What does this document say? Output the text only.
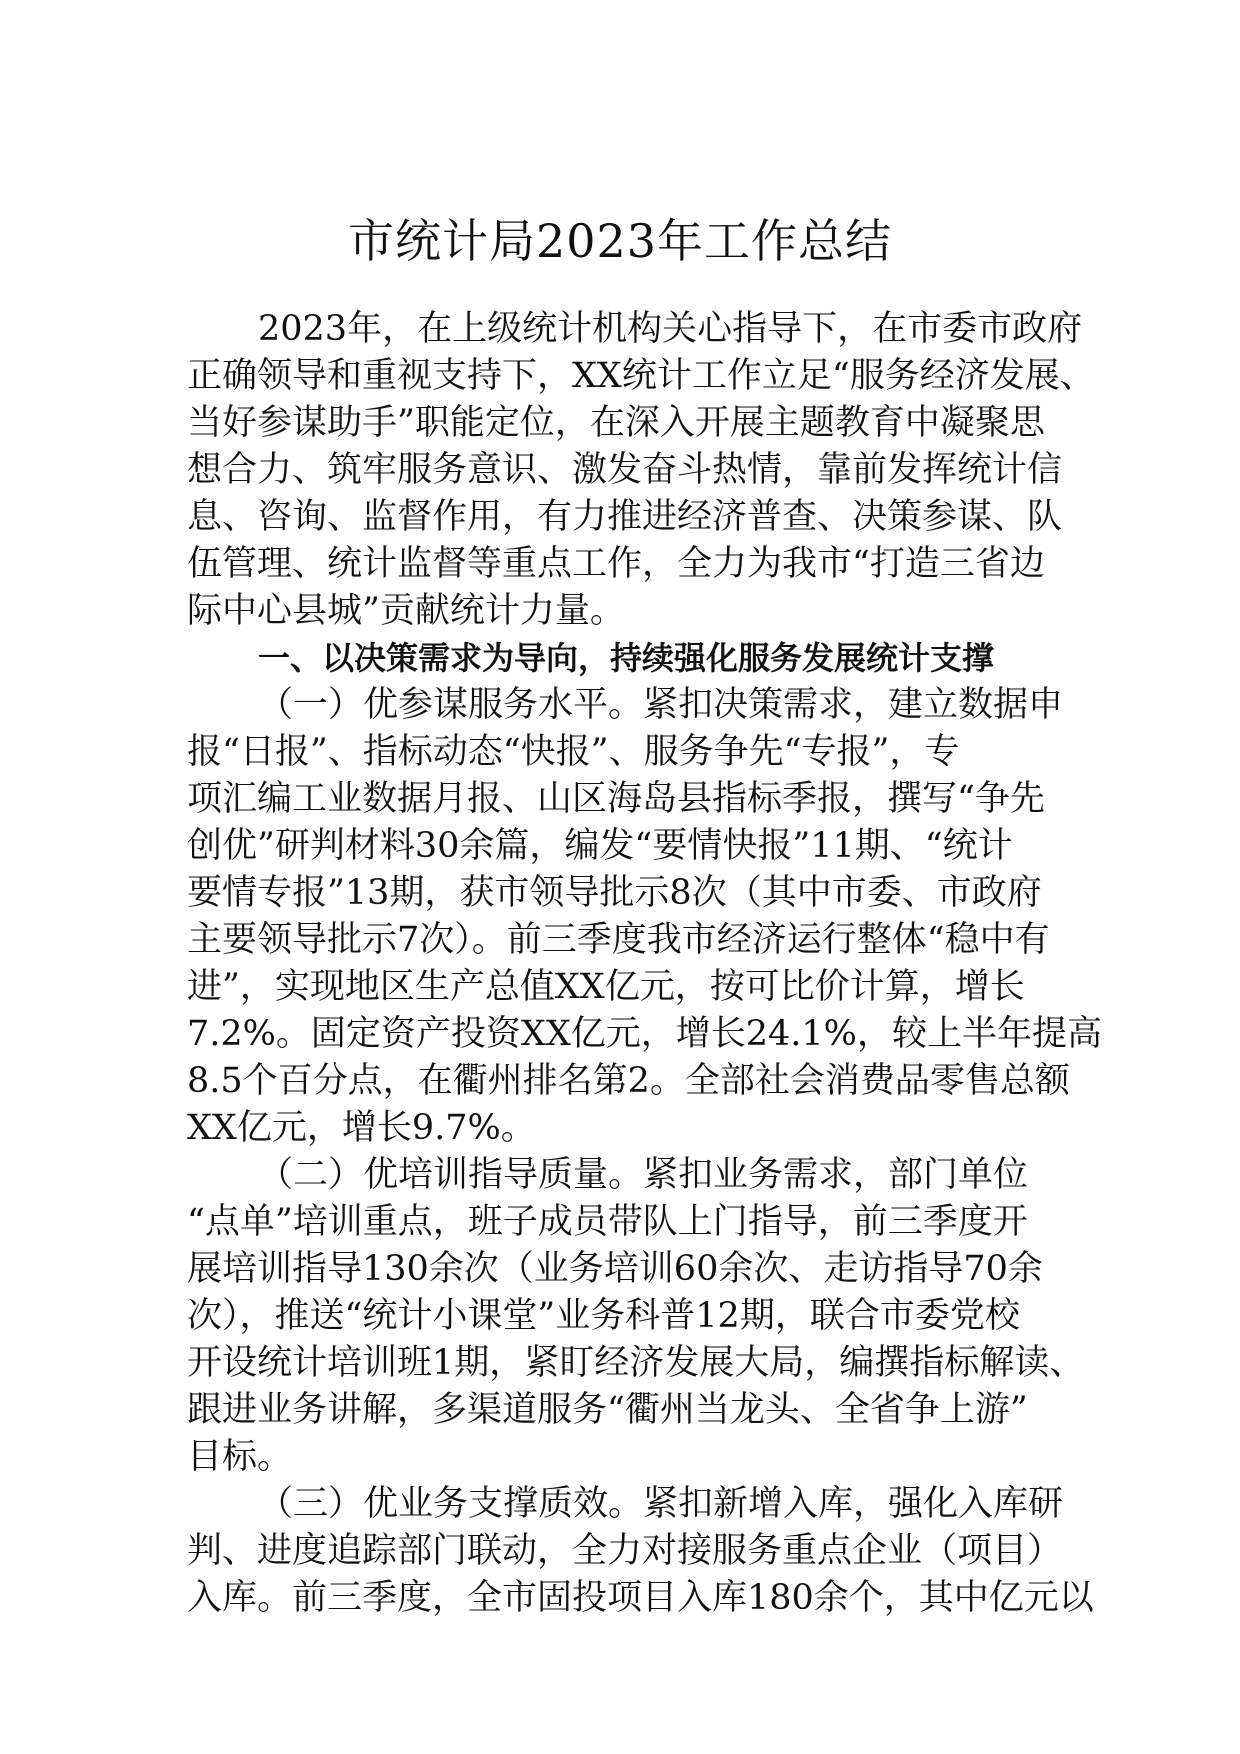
市统计局2023年工作总结
2023年，在上级统计机构关心指导下，在市委市政府
正确领导和重视支持下，XX统计工作立足“服务经济发展、
当好参谋助手”职能定位，在深入开展主题教育中凝聚思
想合力、筑牢服务意识、激发奋斗热情，靠前发挥统计信
息、咨询、监督作用，有力推进经济普查、决策参谋、队
伍管理、统计监督等重点工作，全力为我市“打造三省边
际中心县城”贡献统计力量。
一、以决策需求为导向，持续强化服务发展统计支撑
（一）优参谋服务水平。紧扣决策需求，建立数据申
报“日报”、指标动态“快报”、服务争先“专报”，专
项汇编工业数据月报、山区海岛县指标季报，撰写“争先
创优”研判材料30余篇，编发“要情快报”11期、“统计
要情专报”13期，获市领导批示8次（其中市委、市政府
主要领导批示7次）。前三季度我市经济运行整体“稳中有
进”，实现地区生产总值XX亿元，按可比价计算，增长
7.2%。固定资产投资XX亿元，增长24.1%，较上半年提高
8.5个百分点，在衢州排名第2。全部社会消费品零售总额
XX亿元，增长9.7%。
（二）优培训指导质量。紧扣业务需求，部门单位
“点单”培训重点，班子成员带队上门指导，前三季度开
展培训指导130余次（业务培训60余次、走访指导70余
次），推送“统计小课堂”业务科普12期，联合市委党校
开设统计培训班1期，紧盯经济发展大局，编撰指标解读、
跟进业务讲解，多渠道服务“衢州当龙头、全省争上游”
目标。
（三）优业务支撑质效。紧扣新增入库，强化入库研
判、进度追踪部门联动，全力对接服务重点企业（项目）
入库。前三季度，全市固投项目入库180余个，其中亿元以
